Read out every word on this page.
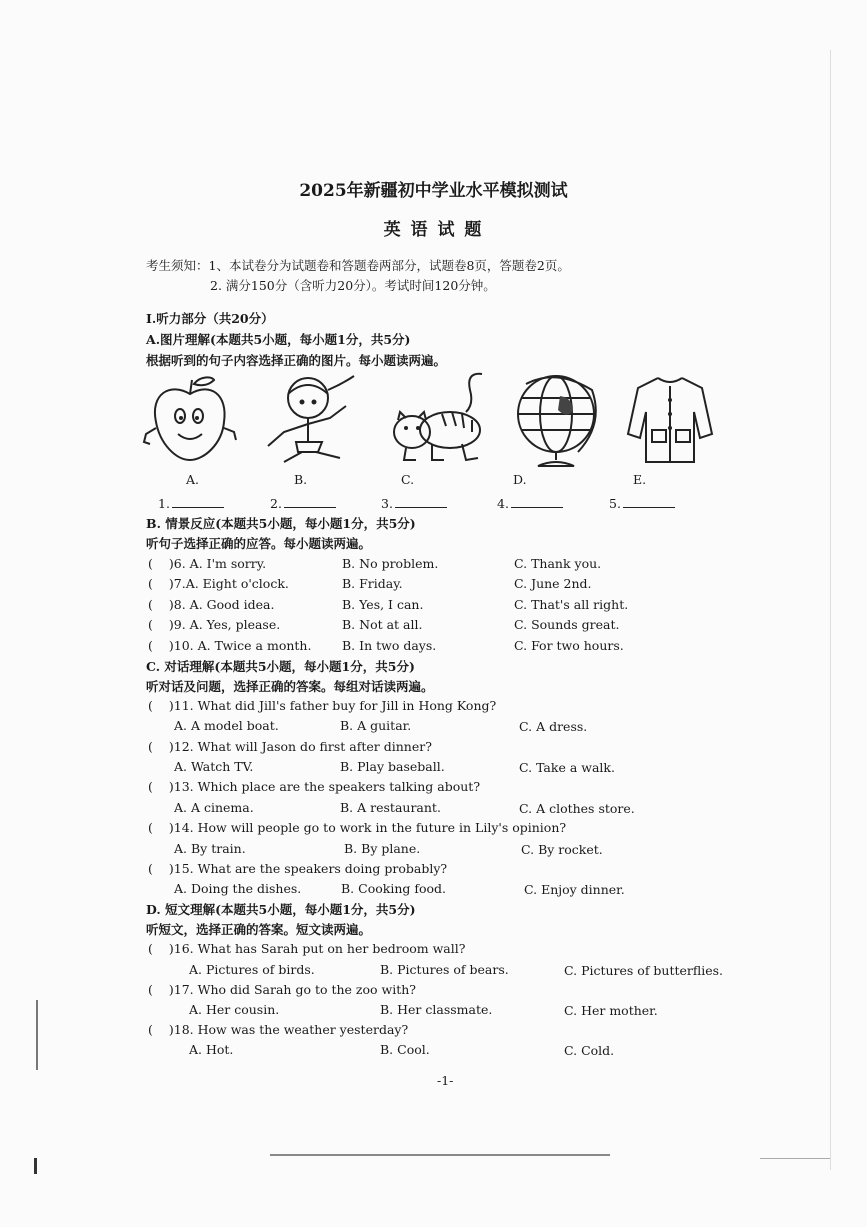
2025年新疆初中学业水平模拟测试
英 语 试 题
考生须知：1、本试卷分为试题卷和答题卷两部分，试题卷8页，答题卷2页。
2. 满分150分（含听力20分）。考试时间120分钟。
I.听力部分（共20分）
A.图片理解(本题共5小题，每小题1分，共5分)
根据听到的句子内容选择正确的图片。每小题读两遍。
A.	B.	C.	D.	E.
1.	2.	3.	4.	5.
B. 情景反应(本题共5小题，每小题1分，共5分)
听句子选择正确的应答。每小题读两遍。
( )6. A. I'm sorry.	B. No problem.	C. Thank you.
( )7.A. Eight o'clock.	B. Friday.	C. June 2nd.
( )8. A. Good idea.	B. Yes, I can.	C. That's all right.
( )9. A. Yes, please.	B. Not at all.	C. Sounds great.
( )10. A. Twice a month. B. In two days.	C. For two hours.
C. 对话理解(本题共5小题，每小题1分，共5分)
听对话及问题，选择正确的答案。每组对话读两遍。
( )11. What did Jill's father buy for Jill in Hong Kong?
A. A model boat.	B. A guitar.	C. A dress.
( )12. What will Jason do first after dinner?
A. Watch TV.	B. Play baseball.	C. Take a walk.
( )13. Which place are the speakers talking about?
A. A cinema.	B. A restaurant.	C. A clothes store.
( )14. How will people go to work in the future in Lily's opinion?
A. By train.	B. By plane.	C. By rocket.
( )15. What are the speakers doing probably?
A. Doing the dishes.	B. Cooking food.	C. Enjoy dinner.
D. 短文理解(本题共5小题，每小题1分，共5分)
听短文，选择正确的答案。短文读两遍。
( )16. What has Sarah put on her bedroom wall?
A. Pictures of birds.	B. Pictures of bears.	C. Pictures of butterflies.
( )17. Who did Sarah go to the zoo with?
A. Her cousin.	B. Her classmate.	C. Her mother.
( )18. How was the weather yesterday?
A. Hot.	B. Cool.	C. Cold.
-1-
